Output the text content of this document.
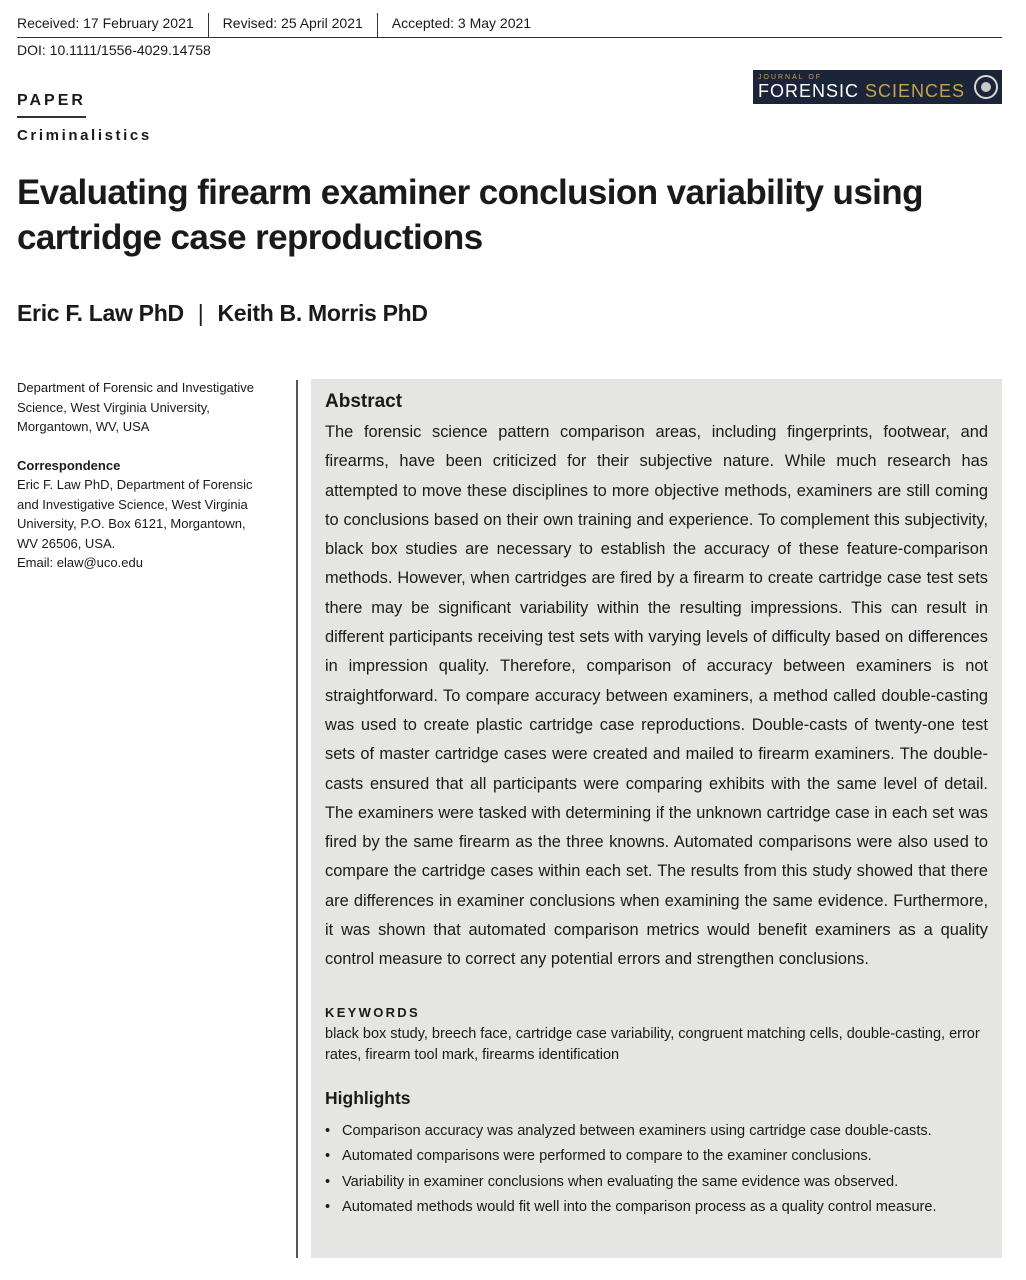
Received: 17 February 2021	Revised: 25 April 2021	Accepted: 3 May 2021
DOI: 10.1111/1556-4029.14758
JOURNAL OF
FORENSIC SCIENCES
PAPER
Criminalistics
Evaluating firearm examiner conclusion variability using cartridge case reproductions
Eric F. Law PhD | Keith B. Morris PhD

Department of Forensic and Investigative Science, West Virginia University, Morgantown, WV, USA

Correspondence

Eric F. Law PhD, Department of Forensic

and Investigative Science, West Virginia

University, P.O. Box 6121, Morgantown,

WV 26506, USA.

Email: elaw@uco.edu

Abstract

The forensic science pattern comparison areas, including fingerprints, footwear, and firearms, have been criticized for their subjective nature. While much research has attempted to move these disciplines to more objective methods, examiners are still coming to conclusions based on their own training and experience. To complement this subjectivity, black box studies are necessary to establish the accuracy of these feature-comparison methods. However, when cartridges are fired by a firearm to create cartridge case test sets there may be significant variability within the resulting impressions. This can result in different participants receiving test sets with varying levels of difficulty based on differences in impression quality. Therefore, comparison of accuracy between examiners is not straightforward. To compare accuracy between examiners, a method called double-casting was used to create plastic cartridge case reproductions. Double-casts of twenty-one test sets of master cartridge cases were created and mailed to firearm examiners. The double-casts ensured that all participants were comparing exhibits with the same level of detail. The examiners were tasked with determining if the unknown cartridge case in each set was fired by the same firearm as the three knowns. Automated comparisons were also used to compare the cartridge cases within each set. The results from this study showed that there are differences in examiner conclusions when examining the same evidence. Furthermore, it was shown that automated comparison metrics would benefit examiners as a quality control measure to correct any potential errors and strengthen conclusions.

KEYWORDS
black box study, breech face, cartridge case variability, congruent matching cells, double-casting, error rates, firearm tool mark, firearms identification
Highlights
• Comparison accuracy was analyzed between examiners using cartridge case double-casts.
• Automated comparisons were performed to compare to the examiner conclusions.
• Variability in examiner conclusions when evaluating the same evidence was observed.
• Automated methods would fit well into the comparison process as a quality control measure.
